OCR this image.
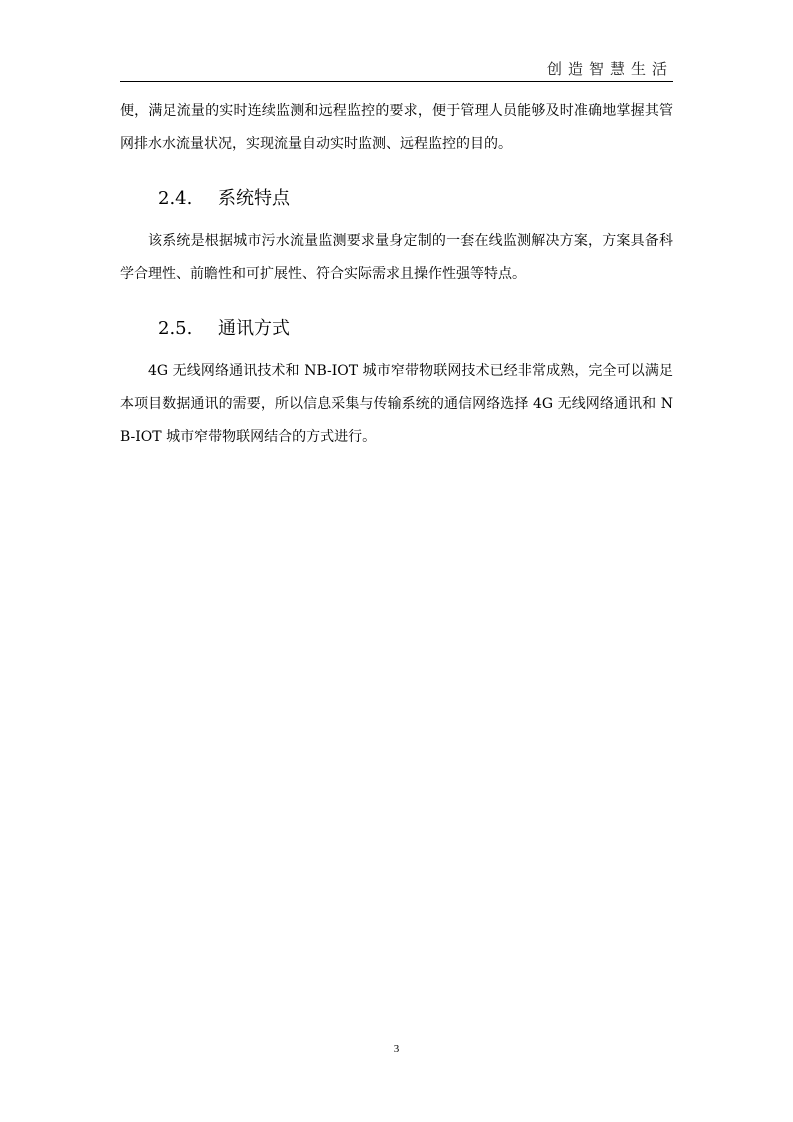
创造智慧生活

便，满足流量的实时连续监测和远程监控的要求，便于管理人员能够及时准确地掌握其管网排水水流量状况，实现流量自动实时监测、远程监控的目的。

2.4. 系统特点

该系统是根据城市污水流量监测要求量身定制的一套在线监测解决方案，方案具备科学合理性、前瞻性和可扩展性、符合实际需求且操作性强等特点。

2.5. 通讯方式

4G 无线网络通讯技术和 NB-IOT 城市窄带物联网技术已经非常成熟，完全可以满足本项目数据通讯的需要，所以信息采集与传输系统的通信网络选择 4G 无线网络通讯和 NB-IOT 城市窄带物联网结合的方式进行。

3
